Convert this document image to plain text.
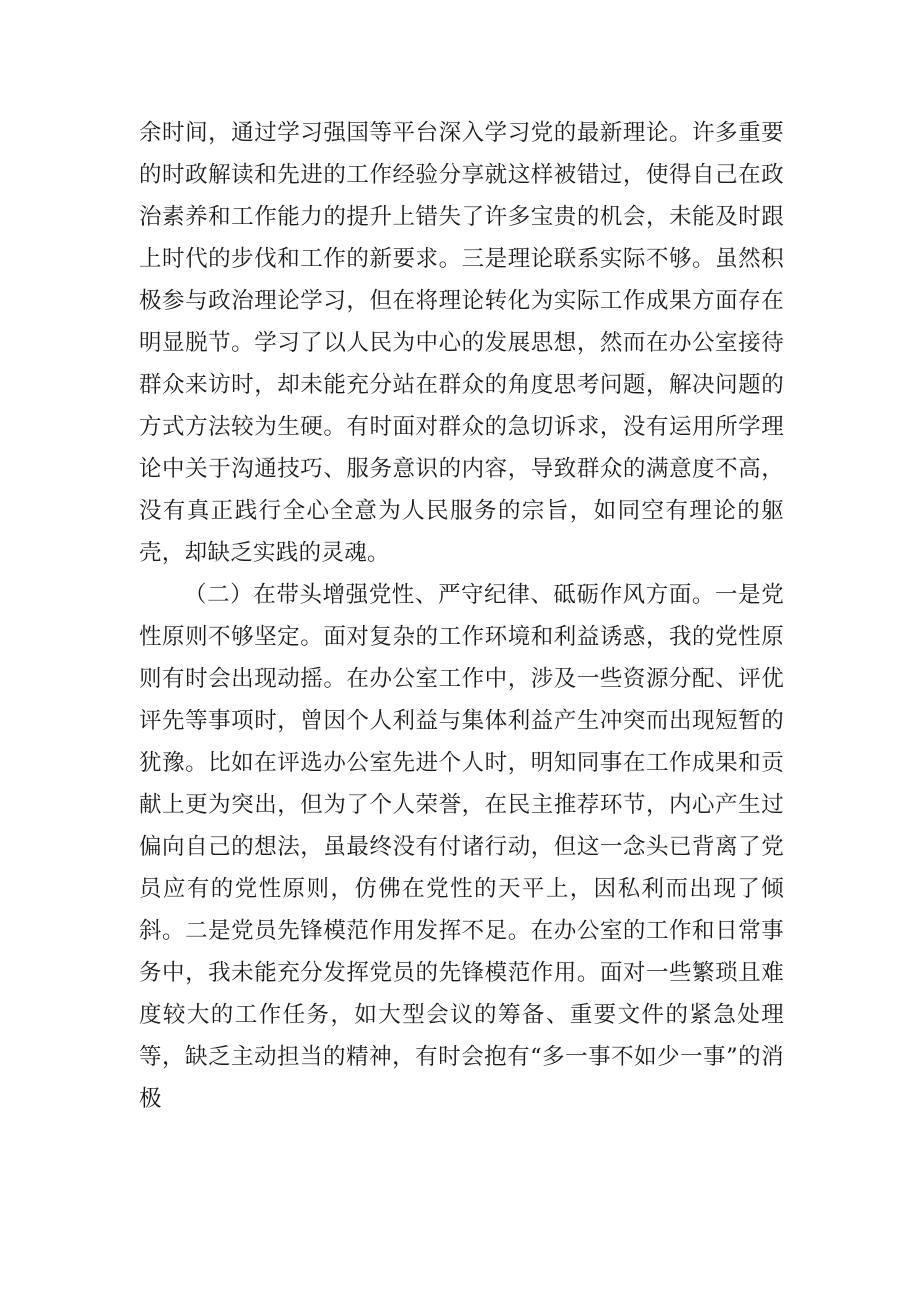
余时间，通过学习强国等平台深入学习党的最新理论。许多重要的时政解读和先进的工作经验分享就这样被错过，使得自己在政治素养和工作能力的提升上错失了许多宝贵的机会，未能及时跟上时代的步伐和工作的新要求。三是理论联系实际不够。虽然积极参与政治理论学习，但在将理论转化为实际工作成果方面存在明显脱节。学习了以人民为中心的发展思想，然而在办公室接待群众来访时，却未能充分站在群众的角度思考问题，解决问题的方式方法较为生硬。有时面对群众的急切诉求，没有运用所学理论中关于沟通技巧、服务意识的内容，导致群众的满意度不高，没有真正践行全心全意为人民服务的宗旨，如同空有理论的躯壳，却缺乏实践的灵魂。

（二）在带头增强党性、严守纪律、砥砺作风方面。一是党性原则不够坚定。面对复杂的工作环境和利益诱惑，我的党性原则有时会出现动摇。在办公室工作中，涉及一些资源分配、评优评先等事项时，曾因个人利益与集体利益产生冲突而出现短暂的犹豫。比如在评选办公室先进个人时，明知同事在工作成果和贡献上更为突出，但为了个人荣誉，在民主推荐环节，内心产生过偏向自己的想法，虽最终没有付诸行动，但这一念头已背离了党员应有的党性原则，仿佛在党性的天平上，因私利而出现了倾斜。二是党员先锋模范作用发挥不足。在办公室的工作和日常事务中，我未能充分发挥党员的先锋模范作用。面对一些繁琐且难度较大的工作任务，如大型会议的筹备、重要文件的紧急处理等，缺乏主动担当的精神，有时会抱有“多一事不如少一事”的消极
